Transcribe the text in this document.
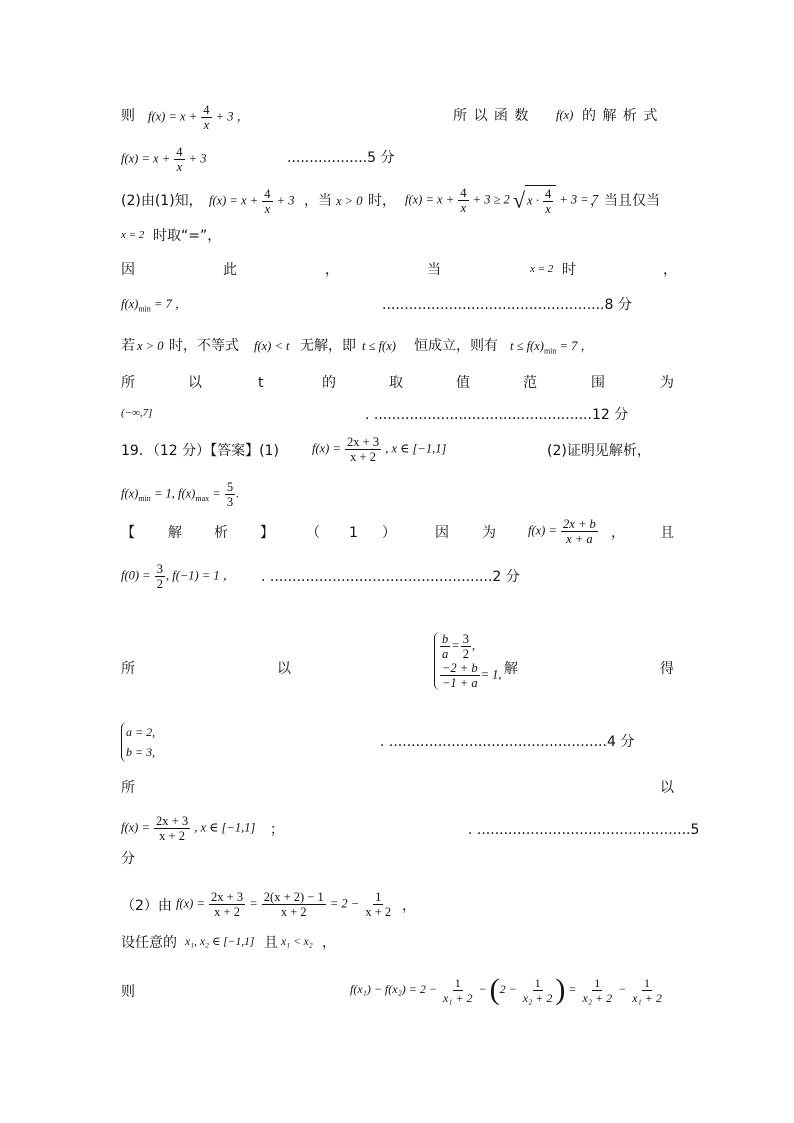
则 $f(x) = x + \frac{4}{x} + 3$ ，	所 以 函 数 f(x) 的 解 析 式
$f(x) = x + \frac{4}{x} + 3$	..................5 分
(2)由(1)知， $f(x) = x + \frac{4}{x} + 3$ ，当 x > 0 时， $f(x) = x + \frac{4}{x} + 3 \ge 2$ √ $x \cdot \frac{4}{x} + 3 = 7$
，当且仅当
x = 2 时取“=”，
因	此	，	当	x = 2 时	，
$f(x)_{min} = 7$ ，	..................................................8 分
若 x > 0 时，不等式 f(x) < t 无解，即 t ≤ f(x) 恒成立，则有 $t \le f(x)_{min} = 7$ ，
所	以	t	的	取	值	范	围	为
(−∞,7]	. .................................................12 分
19．（12 分）【答案】(1)	$f(x) = \frac{2x + 3}{x + 2}$ , x ∈ [−1,1]	(2)证明见解析，
$f(x)_{min} = 1$, $f(x)_{max} = \frac{5}{3}$ .
【 解 析 】 （ 1 ）	因 为	$f(x) = \frac{2x + b}{x + a}$ ，	且
$f(0) = \frac{3}{2}$ , f(−1) = 1 ， . ..................................................2 分
所	以
$\frac{b}{a} = \frac{3}{2}$ ,
$\frac{-2 + b}{-1 + a} = 1$, 解	得
a = 2,
b = 3,
. .................................................4 分
所	以
$f(x) = \frac{2x + 3}{x + 2}$ , x ∈ [−1,1] ；	. ................................................5
分
（2）由 $f(x) = \frac{2x + 3}{x + 2} = \frac{2(x + 2) - 1}{x + 2} = 2 - \frac{1}{x + 2}$ ，
设任意的 x₁, x₂ ∈ [−1,1] 且 x₁ < x₂ ，
则	$f(x_1) - f(x_2) = 2 - \frac{1}{\text{x₁ + 2}} - (2 - \frac{1}{\text{x₂ + 2}}$ ) = $\frac{1}{\text{x₂ + 2}} - \frac{1}{\text{x₁ + 2}}$
